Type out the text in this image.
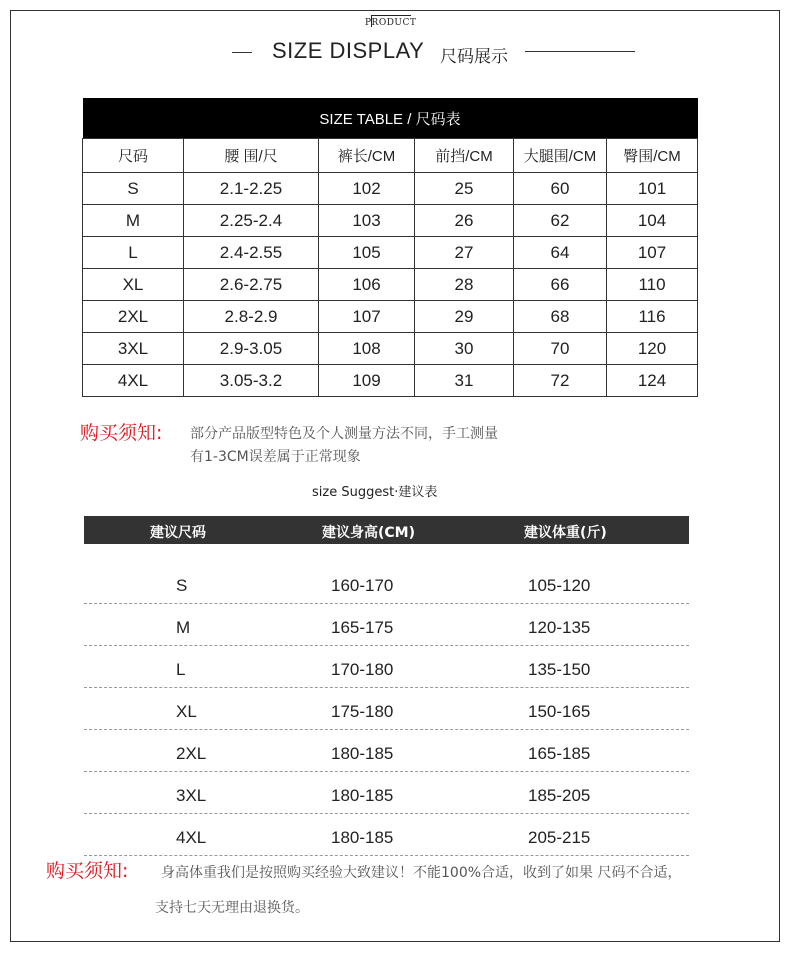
PRODUCT
SIZE DISPLAY 尺码展示
SIZE TABLE / 尺码表					
尺码	腰 围/尺	裤长/CM	前挡/CM	大腿围/CM	臀围/CM
S	2.1-2.25	102	25	60	101
M	2.25-2.4	103	26	62	104
L	2.4-2.55	105	27	64	107
XL	2.6-2.75	106	28	66	110
2XL	2.8-2.9	107	29	68	116
3XL	2.9-3.05	108	30	70	120
4XL	3.05-3.2	109	31	72	124
购买须知: 部分产品版型特色及个人测量方法不同，手工测量
有1-3CM误差属于正常现象
size Suggest·建议表
建议尺码	建议身高(CM)	建议体重(斤)
S	160-170	105-120
M	165-175	120-135
L	170-180	135-150
XL	175-180	150-165
2XL	180-185	165-185
3XL	180-185	185-205
4XL	180-185	205-215
购买须知: 身高体重我们是按照购买经验大致建议！不能100%合适，收到了如果 尺码不合适，
支持七天无理由退换货。
